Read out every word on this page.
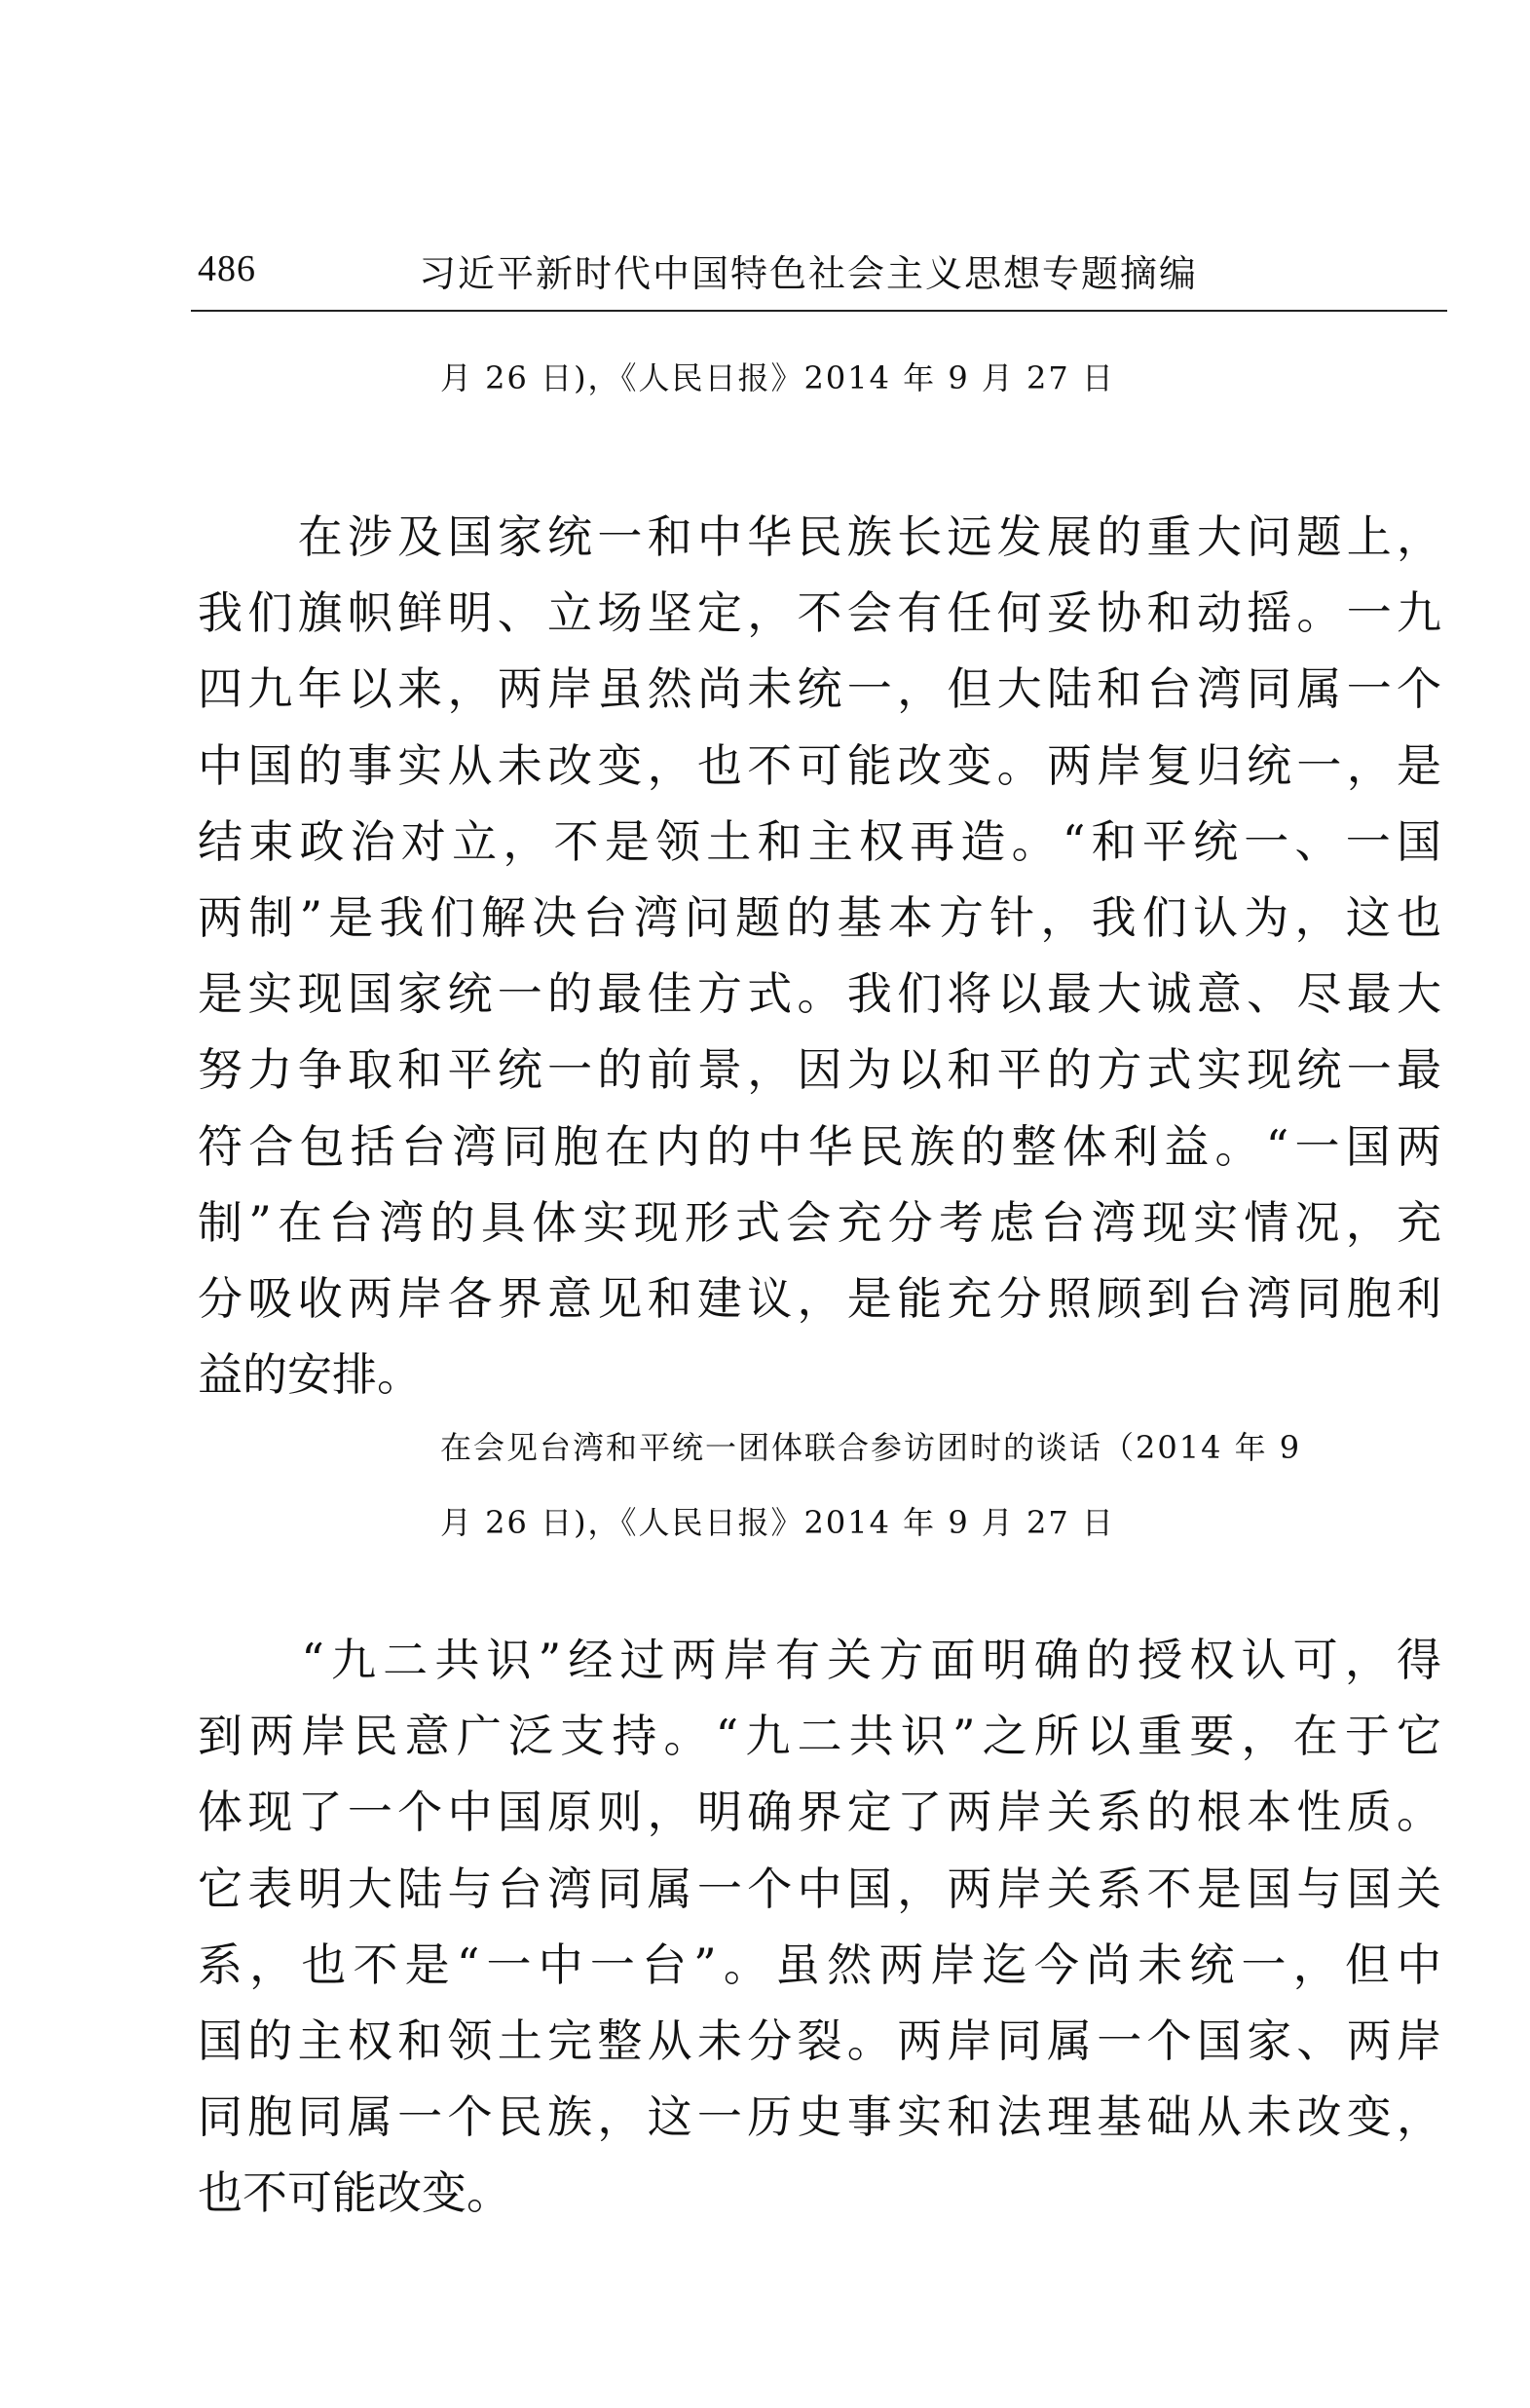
486	习近平新时代中国特色社会主义思想专题摘编
月 26 日)，《人民日报》2014 年 9 月 27 日
　　在涉及国家统一和中华民族长远发展的重大问题上，
我们旗帜鲜明、立场坚定，不会有任何妥协和动摇。一九
四九年以来，两岸虽然尚未统一，但大陆和台湾同属一个
中国的事实从未改变，也不可能改变。两岸复归统一，是
结束政治对立，不是领土和主权再造。“和平统一、一国
两制”是我们解决台湾问题的基本方针，我们认为，这也
是实现国家统一的最佳方式。我们将以最大诚意、尽最大
努力争取和平统一的前景，因为以和平的方式实现统一最
符合包括台湾同胞在内的中华民族的整体利益。“一国两
制”在台湾的具体实现形式会充分考虑台湾现实情况，充
分吸收两岸各界意见和建议，是能充分照顾到台湾同胞利
益的安排。
在会见台湾和平统一团体联合参访团时的谈话（2014 年 9
月 26 日)，《人民日报》2014 年 9 月 27 日
　　“九二共识”经过两岸有关方面明确的授权认可，得
到两岸民意广泛支持。“九二共识”之所以重要，在于它
体现了一个中国原则，明确界定了两岸关系的根本性质。
它表明大陆与台湾同属一个中国，两岸关系不是国与国关
系，也不是“一中一台”。虽然两岸迄今尚未统一，但中
国的主权和领土完整从未分裂。两岸同属一个国家、两岸
同胞同属一个民族，这一历史事实和法理基础从未改变，
也不可能改变。
